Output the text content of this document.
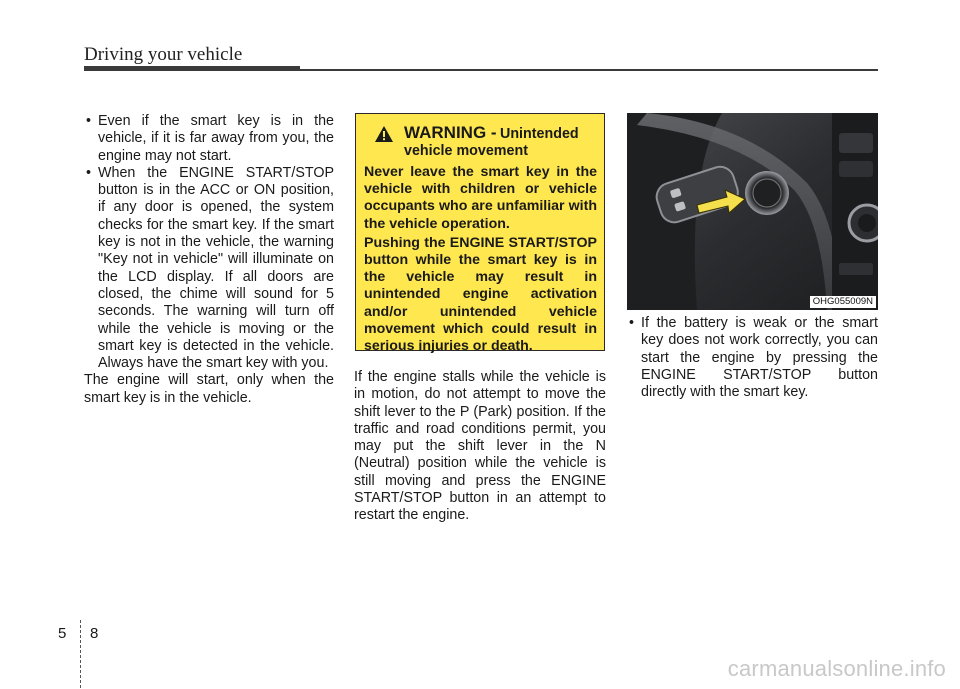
Driving your vehicle
• Even if the smart key is in the vehicle, if it is far away from you, the engine may not start.
• When the ENGINE START/STOP button is in the ACC or ON position, if any door is opened, the system checks for the smart key. If the smart key is not in the vehicle, the warning "Key not in vehicle" will illuminate on the LCD display. If all doors are closed, the chime will sound for 5 seconds. The warning will turn off while the vehicle is moving or the smart key is detected in the vehicle. Always have the smart key with you.

The engine will start, only when the smart key is in the vehicle.

WARNING - Unintended vehicle movement

Never leave the smart key in the vehicle with children or vehicle occupants who are unfamiliar with the vehicle operation.

Pushing the ENGINE START/STOP button while the smart key is in the vehicle may result in unintended engine activation and/or unintended vehicle movement which could result in serious injuries or death.

If the engine stalls while the vehicle is in motion, do not attempt to move the shift lever to the P (Park) position. If the traffic and road conditions permit, you may put the shift lever in the N (Neutral) position while the vehicle is still moving and press the ENGINE START/STOP button in an attempt to restart the engine.

OHG055009N
• If the battery is weak or the smart key does not work correctly, you can start the engine by pressing the ENGINE START/STOP button directly with the smart key.
5 8
carmanualsonline.info
